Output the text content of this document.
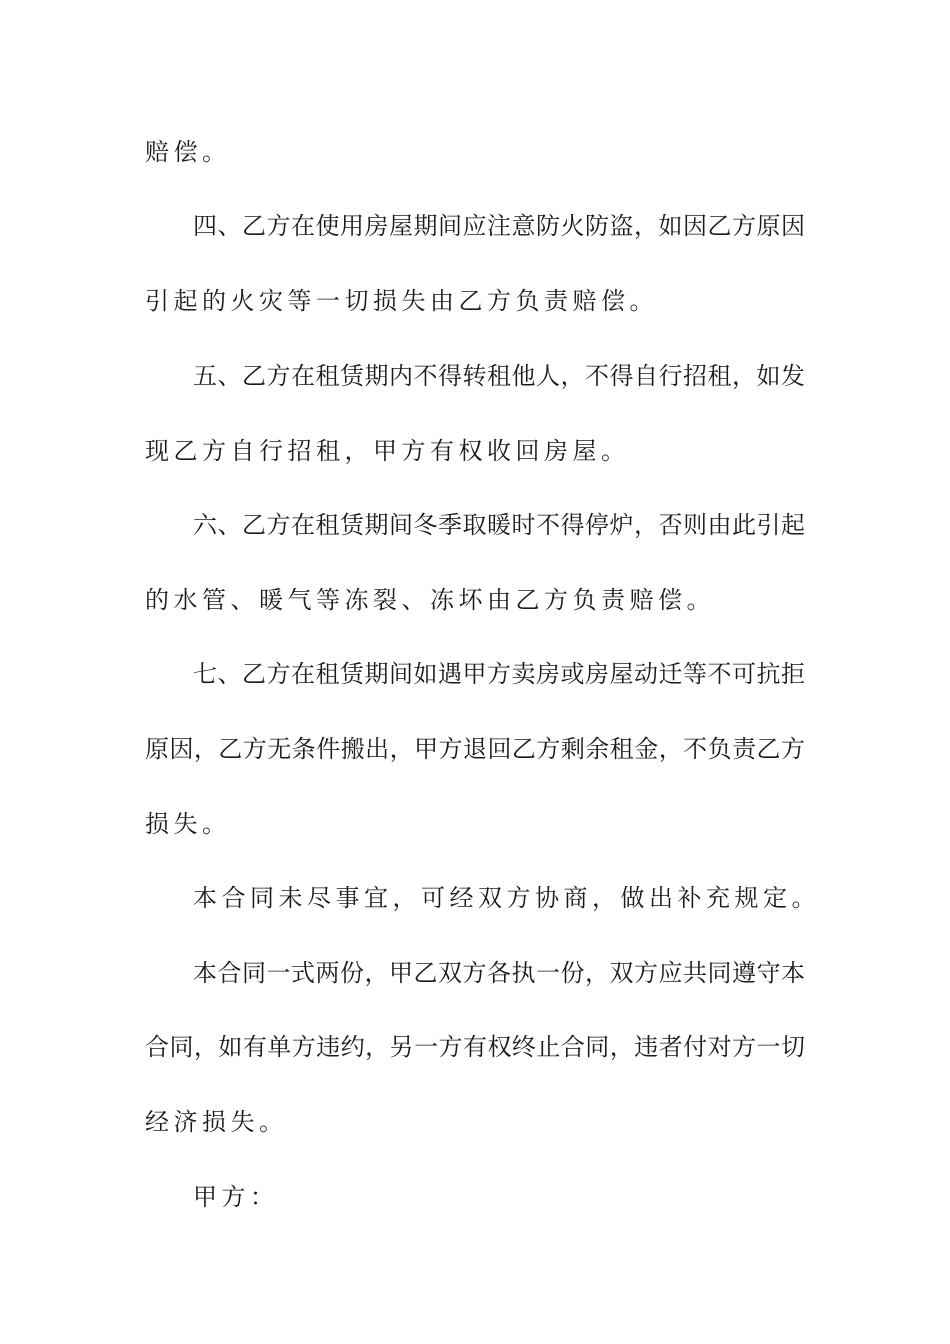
赔偿。
四、乙方在使用房屋期间应注意防火防盗，如因乙方原因
引起的火灾等一切损失由乙方负责赔偿。
五、乙方在租赁期内不得转租他人，不得自行招租，如发
现乙方自行招租，甲方有权收回房屋。
六、乙方在租赁期间冬季取暖时不得停炉，否则由此引起
的水管、暖气等冻裂、冻坏由乙方负责赔偿。
七、乙方在租赁期间如遇甲方卖房或房屋动迁等不可抗拒
原因，乙方无条件搬出，甲方退回乙方剩余租金，不负责乙方
损失。
本合同未尽事宜，可经双方协商，做出补充规定。
本合同一式两份，甲乙双方各执一份，双方应共同遵守本
合同，如有单方违约，另一方有权终止合同，违者付对方一切
经济损失。
甲方：
